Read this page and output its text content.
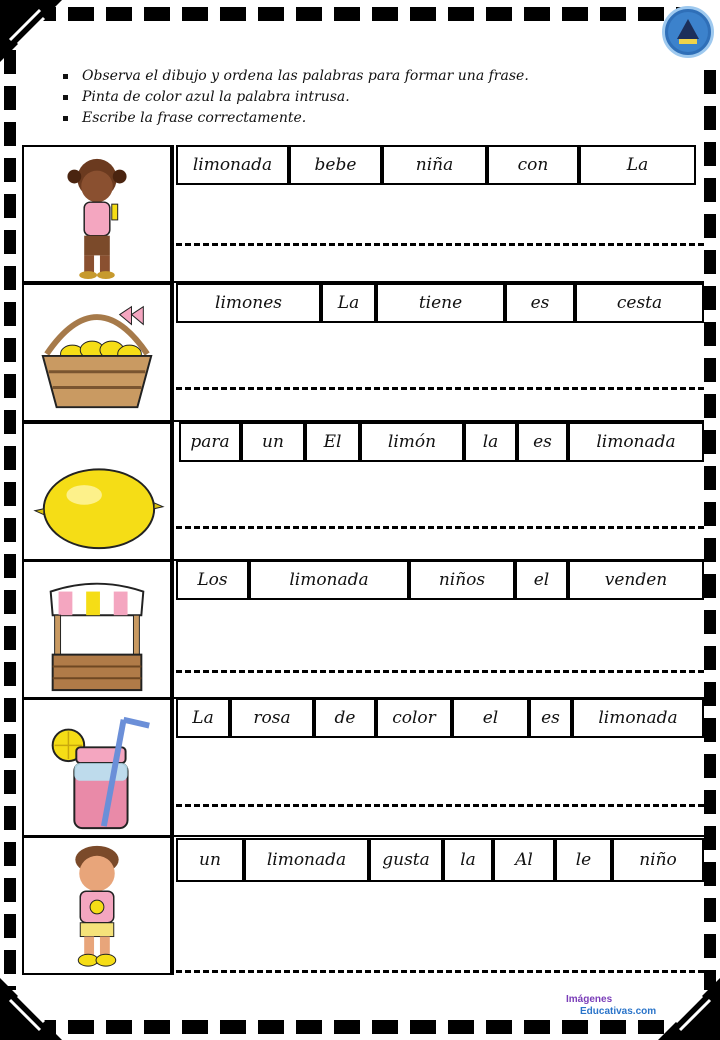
Observa el dibujo y ordena las palabras para formar una frase.
Pinta de color azul la palabra intrusa.
Escribe la frase correctamente.
limonada	bebe	niña	con	La
limones	La	tiene	es	cesta
para	un	El	limón	la	es	limonada
Los	limonada	niños	el	venden
La	rosa	de	color	el	es	limonada
un	limonada	gusta	la	Al	le	niño
Imágenes
Educativas.com
